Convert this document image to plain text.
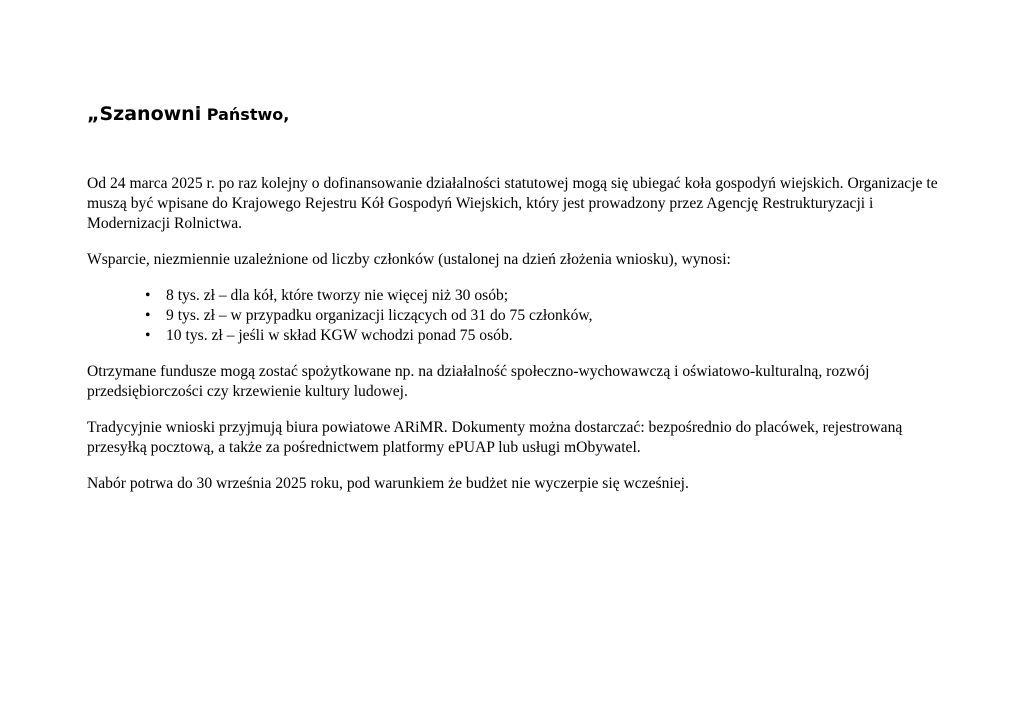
„Szanowni Państwo,

Od 24 marca 2025 r. po raz kolejny o dofinansowanie działalności statutowej mogą się ubiegać koła gospodyń wiejskich. Organizacje te muszą być wpisane do Krajowego Rejestru Kół Gospodyń Wiejskich, który jest prowadzony przez Agencję Restrukturyzacji i Modernizacji Rolnictwa.

Wsparcie, niezmiennie uzależnione od liczby członków (ustalonej na dzień złożenia wniosku), wynosi:

• 8 tys. zł – dla kół, które tworzy nie więcej niż 30 osób;
• 9 tys. zł – w przypadku organizacji liczących od 31 do 75 członków,
• 10 tys. zł – jeśli w skład KGW wchodzi ponad 75 osób.

Otrzymane fundusze mogą zostać spożytkowane np. na działalność społeczno-wychowawczą i oświatowo-kulturalną, rozwój przedsiębiorczości czy krzewienie kultury ludowej.

Tradycyjnie wnioski przyjmują biura powiatowe ARiMR. Dokumenty można dostarczać: bezpośrednio do placówek, rejestrowaną przesyłką pocztową, a także za pośrednictwem platformy ePUAP lub usługi mObywatel.

Nabór potrwa do 30 września 2025 roku, pod warunkiem że budżet nie wyczerpie się wcześniej.
